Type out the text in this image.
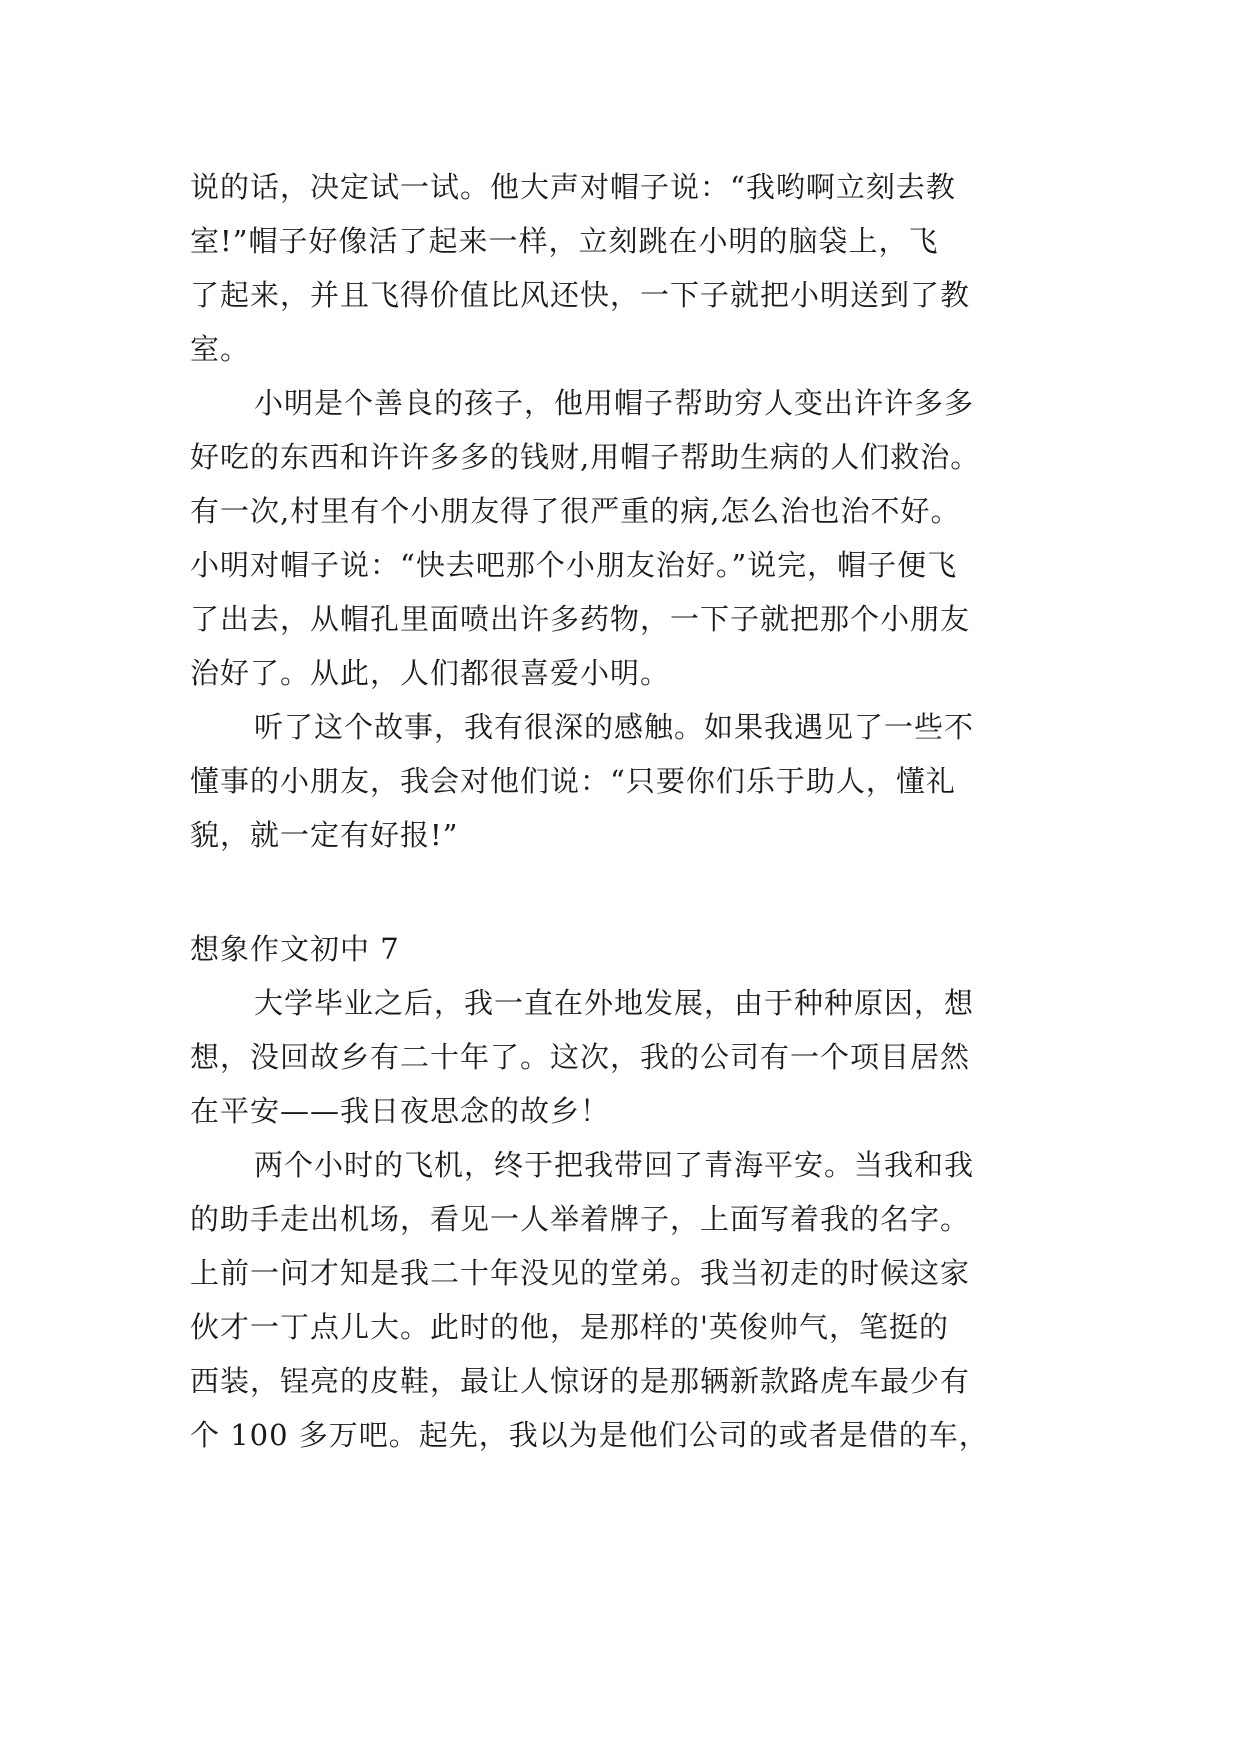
说的话，决定试一试。他大声对帽子说：“我哟啊立刻去教
室!”帽子好像活了起来一样，立刻跳在小明的脑袋上，飞
了起来，并且飞得价值比风还快，一下子就把小明送到了教
室。
小明是个善良的孩子，他用帽子帮助穷人变出许许多多
好吃的东西和许许多多的钱财,用帽子帮助生病的人们救治。
有一次,村里有个小朋友得了很严重的病,怎么治也治不好。
小明对帽子说：“快去吧那个小朋友治好。”说完，帽子便飞
了出去，从帽孔里面喷出许多药物，一下子就把那个小朋友
治好了。从此，人们都很喜爱小明。
听了这个故事，我有很深的感触。如果我遇见了一些不
懂事的小朋友，我会对他们说：“只要你们乐于助人，懂礼
貌，就一定有好报!”
想象作文初中 7
大学毕业之后，我一直在外地发展，由于种种原因，想
想，没回故乡有二十年了。这次，我的公司有一个项目居然
在平安——我日夜思念的故乡！
两个小时的飞机，终于把我带回了青海平安。当我和我
的助手走出机场，看见一人举着牌子，上面写着我的名字。
上前一问才知是我二十年没见的堂弟。我当初走的时候这家
伙才一丁点儿大。此时的他，是那样的'英俊帅气，笔挺的
西装，锃亮的皮鞋，最让人惊讶的是那辆新款路虎车最少有
个 100 多万吧。起先，我以为是他们公司的或者是借的车，
